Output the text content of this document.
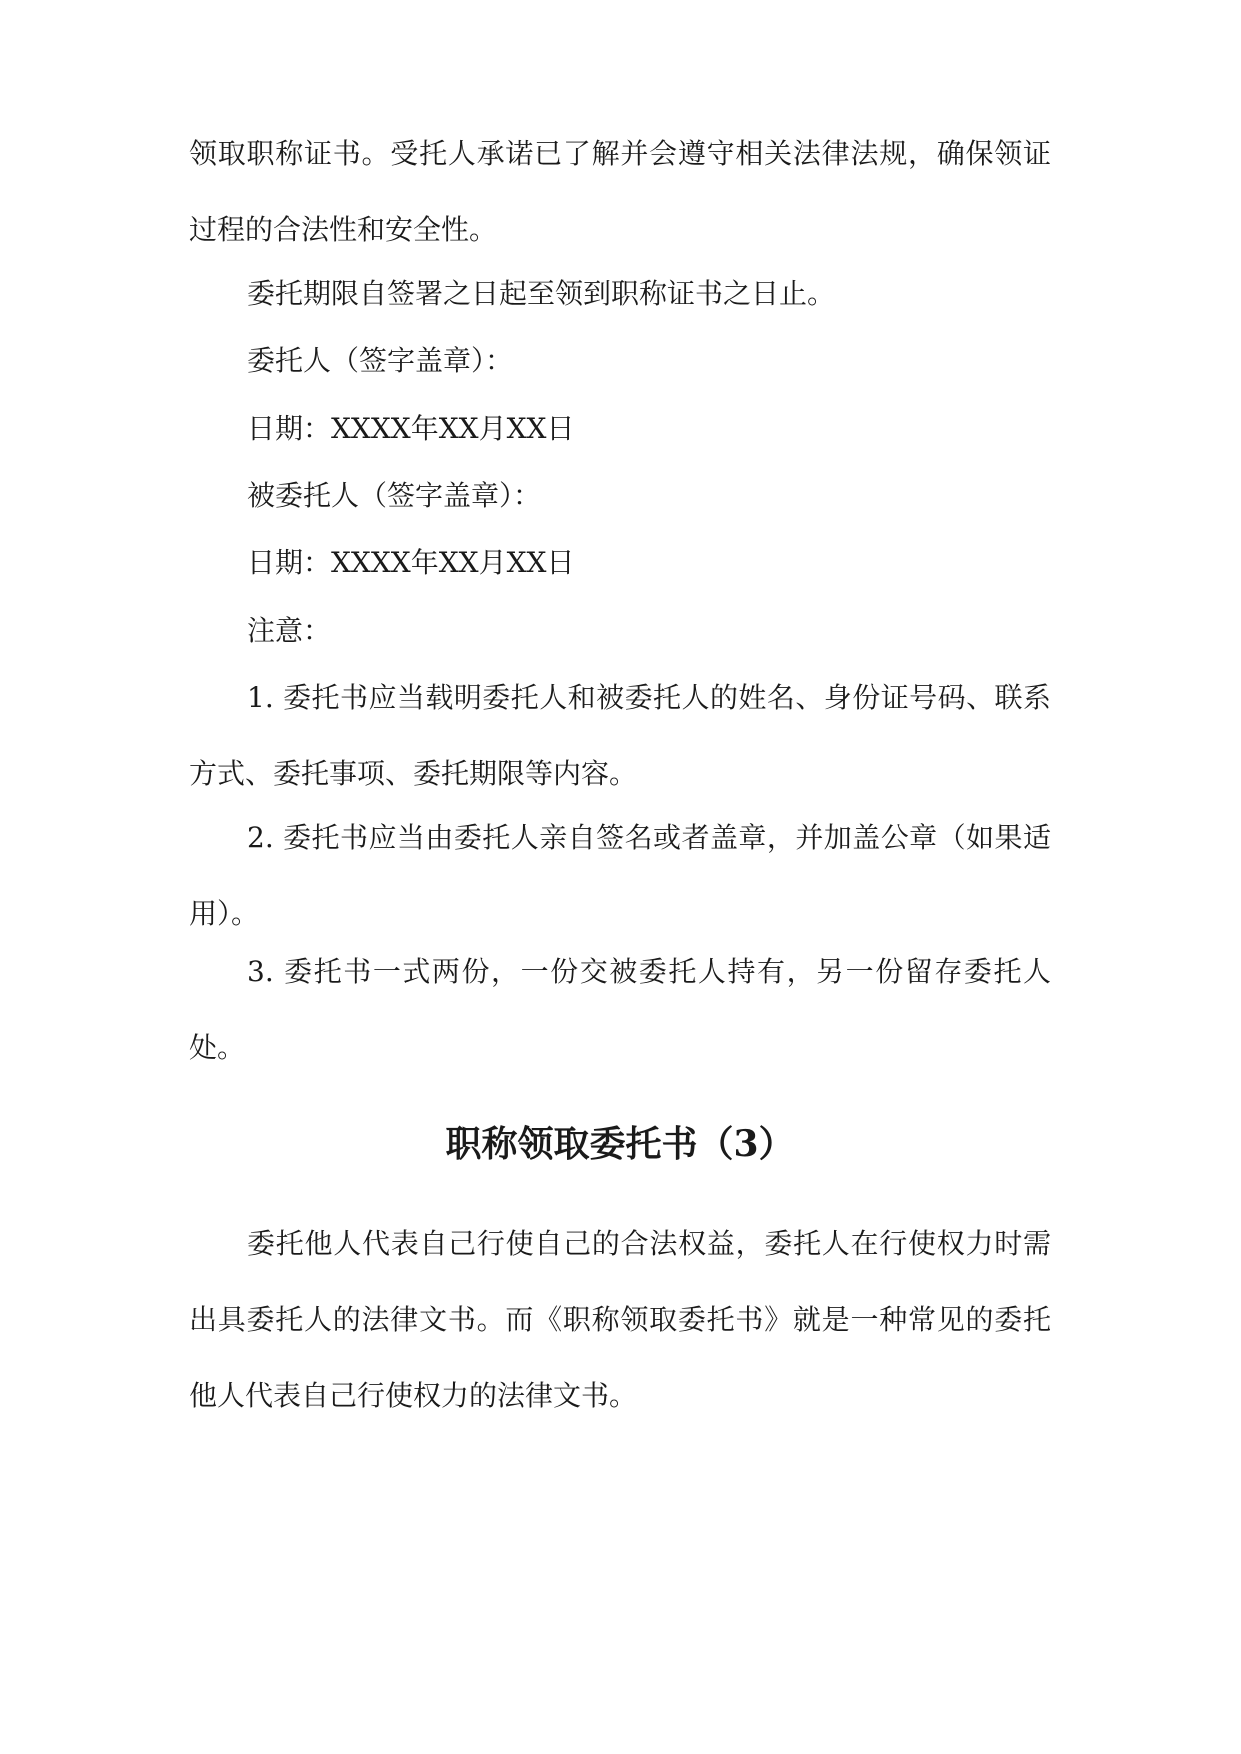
领取职称证书。受托人承诺已了解并会遵守相关法律法规，确保领证过程的合法性和安全性。

委托期限自签署之日起至领到职称证书之日止。

委托人（签字盖章）：

日期：XXXX年XX月XX日

被委托人（签字盖章）：

日期：XXXX年XX月XX日

注意：

1. 委托书应当载明委托人和被委托人的姓名、身份证号码、联系方式、委托事项、委托期限等内容。

2. 委托书应当由委托人亲自签名或者盖章，并加盖公章（如果适用）。

3. 委托书一式两份，一份交被委托人持有，另一份留存委托人处。

职称领取委托书（3）

委托他人代表自己行使自己的合法权益，委托人在行使权力时需出具委托人的法律文书。而《职称领取委托书》就是一种常见的委托他人代表自己行使权力的法律文书。
